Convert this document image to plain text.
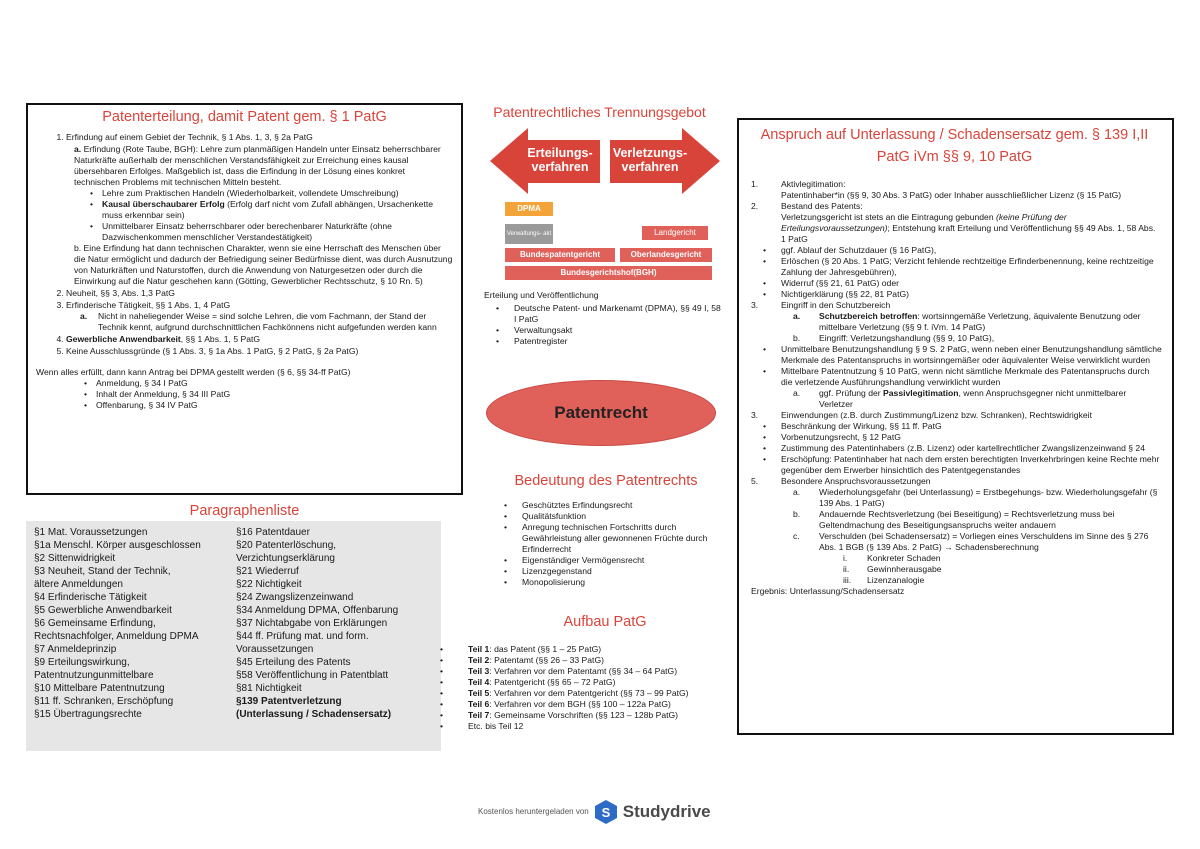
Patenterteilung, damit Patent gem. § 1 PatG
1. Erfindung auf einem Gebiet der Technik, § 1 Abs. 1, 3, § 2a PatG
a. Erfindung (Rote Taube, BGH): Lehre zum planmäßigen Handeln unter Einsatz beherrschbarer Naturkräfte außerhalb der menschlichen Verstandsfähigkeit zur Erreichung eines kausal übersehbaren Erfolges. Maßgeblich ist, dass die Erfindung in der Lösung eines konkret technischen Problems mit technischen Mitteln besteht.
• Lehre zum Praktischen Handeln (Wiederholbarkeit, vollendete Umschreibung)
• Kausal überschaubarer Erfolg (Erfolg darf nicht vom Zufall abhängen, Ursachenkette muss erkennbar sein)
• Unmittelbarer Einsatz beherrschbarer oder berechenbarer Naturkräfte (ohne Dazwischenkommen menschlicher Verstandestätigkeit)
b. Eine Erfindung hat dann technischen Charakter, wenn sie eine Herrschaft des Menschen über die Natur ermöglicht und dadurch der Befriedigung seiner Bedürfnisse dient, was durch Ausnutzung von Naturkräften und Naturstoffen, durch die Anwendung von Naturgesetzen oder durch die Einwirkung auf die Natur geschehen kann (Götting, Gewerblicher Rechtsschutz, § 10 Rn. 5)
2. Neuheit, §§ 3, Abs. 1,3 PatG
3. Erfinderische Tätigkeit, §§ 1 Abs. 1, 4 PatG
a.	Nicht in naheliegender Weise = sind solche Lehren, die vom Fachmann, der Stand der Technik kennt, aufgrund durchschnittlichen Fachkönnens nicht aufgefunden werden kann
4. Gewerbliche Anwendbarkeit, §§ 1 Abs. 1, 5 PatG
5. Keine Ausschlussgründe (§ 1 Abs. 3, § 1a Abs. 1 PatG, § 2 PatG, § 2a PatG)
Wenn alles erfüllt, dann kann Antrag bei DPMA gestellt werden (§ 6, §§ 34-ff PatG)
• Anmeldung, § 34 I PatG
• Inhalt der Anmeldung, § 34 III PatG
• Offenbarung, § 34 IV PatG
Paragraphenliste
§1 Mat. Voraussetzungen
§1a Menschl. Körper ausgeschlossen
§2 Sittenwidrigkeit
§3 Neuheit, Stand der Technik,
ältere Anmeldungen
§4 Erfinderische Tätigkeit
§5 Gewerbliche Anwendbarkeit
§6 Gemeinsame Erfindung,
Rechtsnachfolger, Anmeldung DPMA
§7 Anmeldeprinzip
§9 Erteilungswirkung,
Patentnutzungunmittelbare
§10 Mittelbare Patentnutzung
§11 ff. Schranken, Erschöpfung
§15 Übertragungsrechte
§16 Patentdauer
§20 Patenterlöschung,
Verzichtungserklärung
§21 Wiederruf
§22 Nichtigkeit
§24 Zwangslizenzeinwand
§34 Anmeldung DPMA, Offenbarung
§37 Nichtabgabe von Erklärungen
§44 ff. Prüfung mat. und form.
Voraussetzungen
§45 Erteilung des Patents
§58 Veröffentlichung in Patentblatt
§81 Nichtigkeit
§139 Patentverletzung
(Unterlassung / Schadensersatz)
Patentrechtliches Trennungsgebot
Erteilungs- verfahren
Verletzungs- verfahren
DPMA
Verwaltungs- akt	Landgericht
Bundespatentgericht	Oberlandesgericht
Bundesgerichtshof(BGH)
Erteilung und Veröffentlichung
• Deutsche Patent- und Markenamt (DPMA), §§ 49 I, 58 I PatG
• Verwaltungsakt
• Patentregister
Patentrecht
Bedeutung des Patentrechts
• Geschütztes Erfindungsrecht
• Qualitätsfunktion
• Anregung technischen Fortschritts durch Gewährleistung aller gewonnenen Früchte durch Erfinderrecht
• Eigenständiger Vermögensrecht
• Lizenzgegenstand
• Monopolisierung
Aufbau PatG
• Teil 1: das Patent (§§ 1 – 25 PatG)
• Teil 2: Patentamt (§§ 26 – 33 PatG)
• Teil 3: Verfahren vor dem Patentamt (§§ 34 – 64 PatG)
• Teil 4: Patentgericht (§§ 65 – 72 PatG)
• Teil 5: Verfahren vor dem Patentgericht (§§ 73 – 99 PatG)
• Teil 6: Verfahren vor dem BGH (§§ 100 – 122a PatG)
• Teil 7: Gemeinsame Vorschriften (§§ 123 – 128b PatG)
• Etc. bis Teil 12
Anspruch auf Unterlassung / Schadensersatz gem. § 139 I,II PatG iVm §§ 9, 10 PatG
1.	Aktivlegitimation:
Patentinhaber*in (§§ 9, 30 Abs. 3 PatG) oder Inhaber ausschließlicher Lizenz (§ 15 PatG)
2.	Bestand des Patents:
Verletzungsgericht ist stets an die Eintragung gebunden (keine Prüfung der Erteilungsvoraussetzungen); Entstehung kraft Erteilung und Veröffentlichung §§ 49 Abs. 1, 58 Abs. 1 PatG
• ggf. Ablauf der Schutzdauer (§ 16 PatG),
• Erlöschen (§ 20 Abs. 1 PatG; Verzicht fehlende rechtzeitige Erfinderbenennung, keine rechtzeitige Zahlung der Jahresgebühren),
• Widerruf (§§ 21, 61 PatG) oder
• Nichtigerklärung (§§ 22, 81 PatG)
3.	Eingriff in den Schutzbereich
a.	Schutzbereich betroffen: wortsinngemäße Verletzung, äquivalente Benutzung oder mittelbare Verletzung (§§ 9 f. iVm. 14 PatG)
b.	Eingriff: Verletzungshandlung (§§ 9, 10 PatG),
• Unmittelbare Benutzungshandlung § 9 S. 2 PatG, wenn neben einer Benutzungshandlung sämtliche Merkmale des Patentanspruchs in wortsinngemäßer oder äquivalenter Weise verwirklicht wurden
• Mittelbare Patentnutzung § 10 PatG, wenn nicht sämtliche Merkmale des Patentanspruchs durch die verletzende Ausführungshandlung verwirklicht wurden
a.	ggf. Prüfung der Passivlegitimation, wenn Anspruchsgegner nicht unmittelbarer Verletzer
3.	Einwendungen (z.B. durch Zustimmung/Lizenz bzw. Schranken), Rechtswidrigkeit
• Beschränkung der Wirkung, §§ 11 ff. PatG
• Vorbenutzungsrecht, § 12 PatG
• Zustimmung des Patentinhabers (z.B. Lizenz) oder kartellrechtlicher Zwangslizenzeinwand § 24
• Erschöpfung: Patentinhaber hat nach dem ersten berechtigten Inverkehrbringen keine Rechte mehr gegenüber dem Erwerber hinsichtlich des Patentgegenstandes
5.	Besondere Anspruchsvoraussetzungen
a.	Wiederholungsgefahr (bei Unterlassung) = Erstbegehungs- bzw. Wiederholungsgefahr (§ 139 Abs. 1 PatG)
b.	Andauernde Rechtsverletzung (bei Beseitigung) = Rechtsverletzung muss bei Geltendmachung des Beseitigungsanspruchs weiter andauern
c.	Verschulden (bei Schadensersatz) = Vorliegen eines Verschuldens im Sinne des § 276 Abs. 1 BGB (§ 139 Abs. 2 PatG) → Schadensberechnung
i.	Konkreter Schaden
ii.	Gewinnherausgabe
iii.	Lizenzanalogie
Ergebnis: Unterlassung/Schadensersatz
Kostenlos heruntergeladen von S Studydrive
